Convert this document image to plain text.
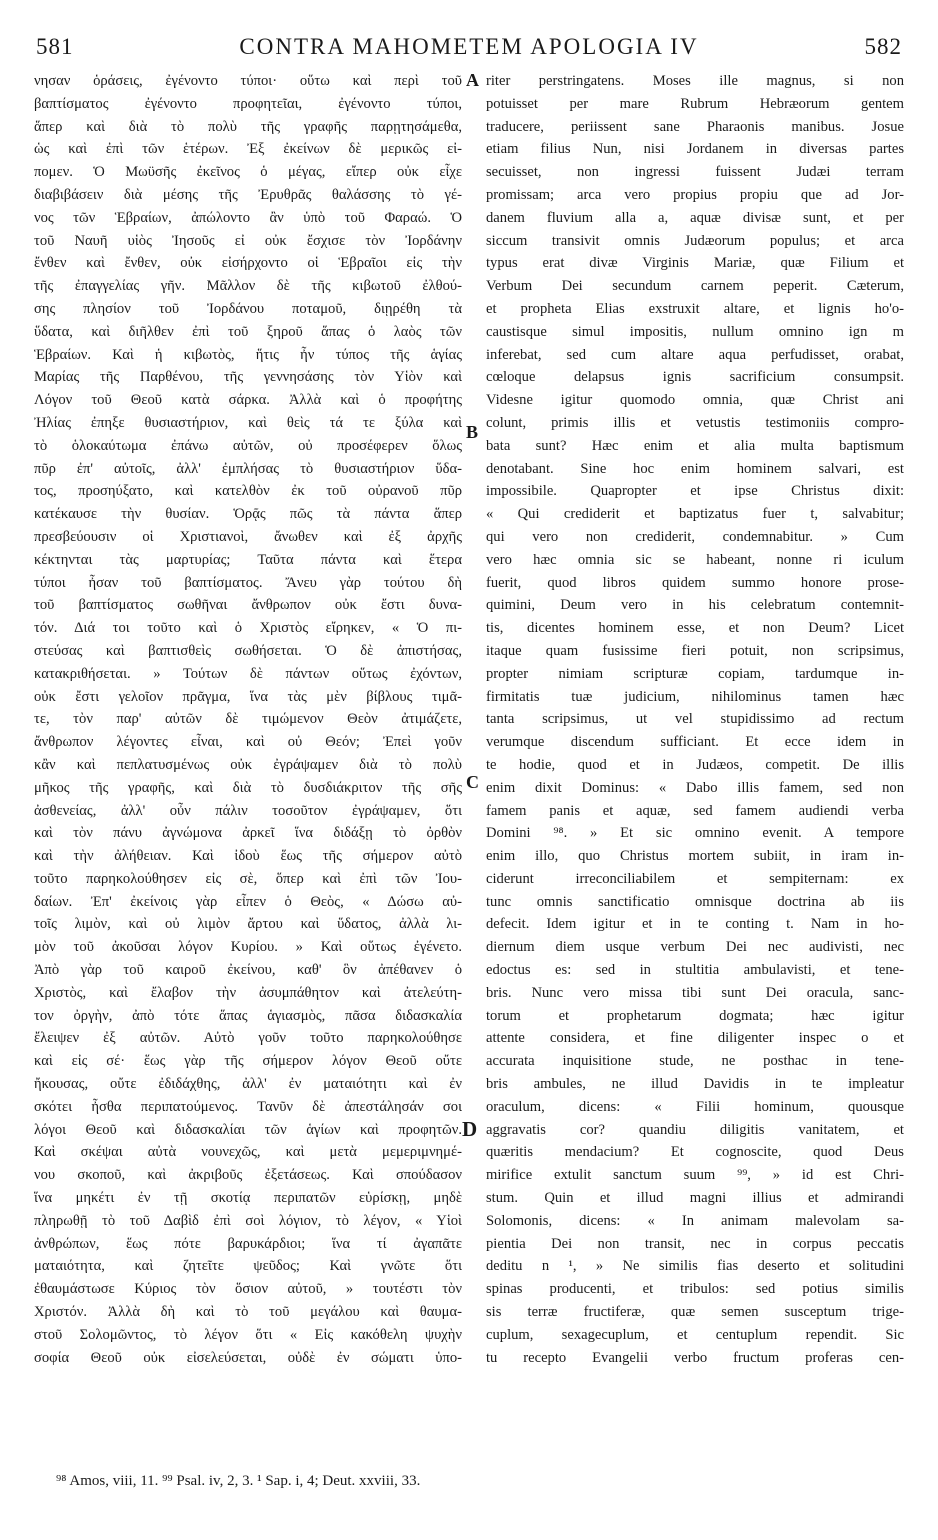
581	CONTRA MAHOMETEM APOLOGIA IV	582
νησαν ὁράσεις, ἐγένοντο τύποι· οὕτω καὶ περὶ τοῦ
βαπτίσματος ἐγένοντο προφητεῖαι, ἐγένοντο τύποι,
ἅπερ καὶ διὰ τὸ πολὺ τῆς γραφῆς παρῃτησάμεθα,
ὡς καὶ ἐπὶ τῶν ἑτέρων. Ἐξ ἐκείνων δὲ μερικῶς εἰ-
πομεν. Ὁ Μωϋσῆς ἐκεῖνος ὁ μέγας, εἴπερ οὐκ εἶχε
διαβιβάσειν διὰ μέσης τῆς Ἐρυθρᾶς θαλάσσης τὸ γέ-
νος τῶν Ἑβραίων, ἀπώλοντο ἂν ὑπὸ τοῦ Φαραώ. Ὁ
τοῦ Ναυῆ υἱὸς Ἰησοῦς εἰ οὐκ ἔσχισε τὸν Ἰορδάνην
ἔνθεν καὶ ἔνθεν, οὐκ εἰσήρχοντο οἱ Ἑβραῖοι εἰς τὴν
τῆς ἐπαγγελίας γῆν. Μᾶλλον δὲ τῆς κιβωτοῦ ἐλθού-
σης πλησίον τοῦ Ἰορδάνου ποταμοῦ, διῃρέθη τὰ
ὕδατα, καὶ διῆλθεν ἐπὶ τοῦ ξηροῦ ἅπας ὁ λαὸς τῶν
Ἑβραίων. Καὶ ἡ κιβωτὸς, ἥτις ἦν τύπος τῆς ἁγίας
Μαρίας τῆς Παρθένου, τῆς γεννησάσης τὸν Υἱὸν καὶ
Λόγον τοῦ Θεοῦ κατὰ σάρκα. Ἀλλὰ καὶ ὁ προφήτης
Ἠλίας ἐπηξε θυσιαστήριον, καὶ θεὶς τά τε ξύλα καὶ
τὸ ὁλοκαύτωμα ἐπάνω αὐτῶν, οὐ προσέφερεν ὅλως
πῦρ ἐπ' αὐτοῖς, ἀλλ' ἐμπλήσας τὸ θυσιαστήριον ὕδα-
τος, προσηύξατο, καὶ κατελθὸν ἐκ τοῦ οὐρανοῦ πῦρ
κατέκαυσε τὴν θυσίαν. Ὁρᾷς πῶς τὰ πάντα ἅπερ
πρεσβεύουσιν οἱ Χριστιανοὶ, ἄνωθεν καὶ ἐξ ἀρχῆς
κέκτηνται τὰς μαρτυρίας; Ταῦτα πάντα καὶ ἕτερα
τύποι ἦσαν τοῦ βαπτίσματος. Ἄνευ γὰρ τούτου δὴ
τοῦ βαπτίσματος σωθῆναι ἄνθρωπον οὐκ ἔστι δυνα-
τόν. Διά τοι τοῦτο καὶ ὁ Χριστὸς εἴρηκεν, « Ὁ πι-
στεύσας καὶ βαπτισθεὶς σωθήσεται. Ὁ δὲ ἀπιστήσας,
κατακριθήσεται. » Τούτων δὲ πάντων οὕτως ἐχόντων,
οὐκ ἔστι γελοῖον πρᾶγμα, ἵνα τὰς μὲν βίβλους τιμᾶ-
τε, τὸν παρ' αὐτῶν δὲ τιμώμενον Θεὸν ἀτιμάζετε,
ἄνθρωπον λέγοντες εἶναι, καὶ οὐ Θεόν; Ἐπεὶ γοῦν
κἂν καὶ πεπλατυσμένως οὐκ ἐγράψαμεν διὰ τὸ πολὺ
μῆκος τῆς γραφῆς, καὶ διὰ τὸ δυσδιάκριτον τῆς σῆς
ἀσθενείας, ἀλλ' οὖν πάλιν τοσοῦτον ἐγράψαμεν, ὅτι
καὶ τὸν πάνυ ἀγνώμονα ἀρκεῖ ἵνα διδάξῃ τὸ ὀρθὸν
καὶ τὴν ἀλήθειαν. Καὶ ἰδοὺ ἕως τῆς σήμερον αὐτὸ
τοῦτο παρηκολούθησεν εἰς σὲ, ὅπερ καὶ ἐπὶ τῶν Ἰου-
δαίων. Ἐπ' ἐκείνοις γὰρ εἶπεν ὁ Θεὸς, « Δώσω αὐ-
τοῖς λιμὸν, καὶ οὐ λιμὸν ἄρτου καὶ ὕδατος, ἀλλὰ λι-
μὸν τοῦ ἀκοῦσαι λόγον Κυρίου. » Καὶ οὕτως ἐγένετο.
Ἀπὸ γὰρ τοῦ καιροῦ ἐκείνου, καθ' ὃν ἀπέθανεν ὁ
Χριστὸς, καὶ ἔλαβον τὴν ἀσυμπάθητον καὶ ἀτελεύτη-
τον ὀργὴν, ἀπὸ τότε ἅπας ἁγιασμὸς, πᾶσα διδασκαλία
ἔλειψεν ἐξ αὐτῶν. Αὐτὸ γοῦν τοῦτο παρηκολούθησε
καὶ εἰς σέ· ἕως γὰρ τῆς σήμερον λόγον Θεοῦ οὔτε
ἤκουσας, οὔτε ἐδιδάχθης, ἀλλ' ἐν ματαιότητι καὶ ἐν
σκότει ἦσθα περιπατούμενος. Τανῦν δὲ ἀπεστάλησάν σοι
λόγοι Θεοῦ καὶ διδασκαλίαι τῶν ἁγίων καὶ προφητῶν.
Καὶ σκέψαι αὐτὰ νουνεχῶς, καὶ μετὰ μεμεριμνημέ-
νου σκοποῦ, καὶ ἀκριβοῦς ἐξετάσεως. Καὶ σπούδασον
ἵνα μηκέτι ἐν τῇ σκοτίᾳ περιπατῶν εὑρίσκῃ, μηδὲ
πληρωθῇ τὸ τοῦ Δαβὶδ ἐπὶ σοὶ λόγιον, τὸ λέγον, « Υἱοὶ
ἀνθρώπων, ἕως πότε βαρυκάρδιοι; ἵνα τί ἀγαπᾶτε
ματαιότητα, καὶ ζητεῖτε ψεῦδος; Καὶ γνῶτε ὅτι
ἐθαυμάστωσε Κύριος τὸν ὅσιον αὐτοῦ, » τουτέστι τὸν
Χριστόν. Ἀλλὰ δὴ καὶ τὸ τοῦ μεγάλου καὶ θαυμα-
στοῦ Σολομῶντος, τὸ λέγον ὅτι « Εἰς κακόθελη ψυχὴν
σοφία Θεοῦ οὐκ εἰσελεύσεται, οὐδὲ ἐν σώματι ὑπο-
A
B
C
D
riter perstringatens. Moses ille magnus, si non
potuisset per mare Rubrum Hebræorum gentem
traducere, periissent sane Pharaonis manibus. Josue
etiam filius Nun, nisi Jordanem in diversas partes
secuisset, non ingressi fuissent Judæi terram
promissam; arca vero propius propiu que ad Jor-
danem fluvium alla a, aquæ divisæ sunt, et per
siccum transivit omnis Judæorum populus; et arca
typus erat divæ Virginis Mariæ, quæ Filium et
Verbum Dei secundum carnem peperit. Cæterum,
et propheta Elias exstruxit altare, et lignis ho'o-
caustisque simul impositis, nullum omnino ign m
inferebat, sed cum altare aqua perfudisset, orabat,
cœloque delapsus ignis sacrificium consumpsit.
Videsne igitur quomodo omnia, quæ Christ ani
colunt, primis illis et vetustis testimoniis compro-
bata sunt? Hæc enim et alia multa baptismum
denotabant. Sine hoc enim hominem salvari, est
impossibile. Quapropter et ipse Christus dixit:
« Qui crediderit et baptizatus fuer t, salvabitur;
qui vero non crediderit, condemnabitur. » Cum
vero hæc omnia sic se habeant, nonne ri iculum
fuerit, quod libros quidem summo honore prose-
quimini, Deum vero in his celebratum contemnit-
tis, dicentes hominem esse, et non Deum? Licet
itaque quam fusissime fieri potuit, non scripsimus,
propter nimiam scripturæ copiam, tardumque in-
firmitatis tuæ judicium, nihilominus tamen hæc
tanta scripsimus, ut vel stupidissimo ad rectum
verumque discendum sufficiant. Et ecce idem in
te hodie, quod et in Judæos, competit. De illis
enim dixit Dominus: « Dabo illis famem, sed non
famem panis et aquæ, sed famem audiendi verba
Domini ⁹⁸. » Et sic omnino evenit. A tempore
enim illo, quo Christus mortem subiit, in iram in-
ciderunt irreconciliabilem et sempiternam: ex
tunc omnis sanctificatio omnisque doctrina ab iis
defecit. Idem igitur et in te conting t. Nam in ho-
diernum diem usque verbum Dei nec audivisti, nec
edoctus es: sed in stultitia ambulavisti, et tene-
bris. Nunc vero missa tibi sunt Dei oracula, sanc-
torum et prophetarum dogmata; hæc igitur
attente considera, et fine diligenter inspec o et
accurata inquisitione stude, ne posthac in tene-
bris ambules, ne illud Davidis in te impleatur
oraculum, dicens: « Filii hominum, quousque
aggravatis cor? quandiu diligitis vanitatem, et
quæritis mendacium? Et cognoscite, quod Deus
mirifice extulit sanctum suum ⁹⁹, » id est Chri-
stum. Quin et illud magni illius et admirandi
Solomonis, dicens: « In animam malevolam sa-
pientia Dei non transit, nec in corpus peccatis
deditu n ¹, » Ne similis fias deserto et solitudini
spinas producenti, et tribulos: sed potius similis
sis terræ fructiferæ, quæ semen susceptum trige-
cuplum, sexagecuplum, et centuplum rependit. Sic
tu recepto Evangelii verbo fructum proferas cen-
⁹⁸ Amos, viii, 11. ⁹⁹ Psal. iv, 2, 3. ¹ Sap. i, 4; Deut. xxviii, 33.
